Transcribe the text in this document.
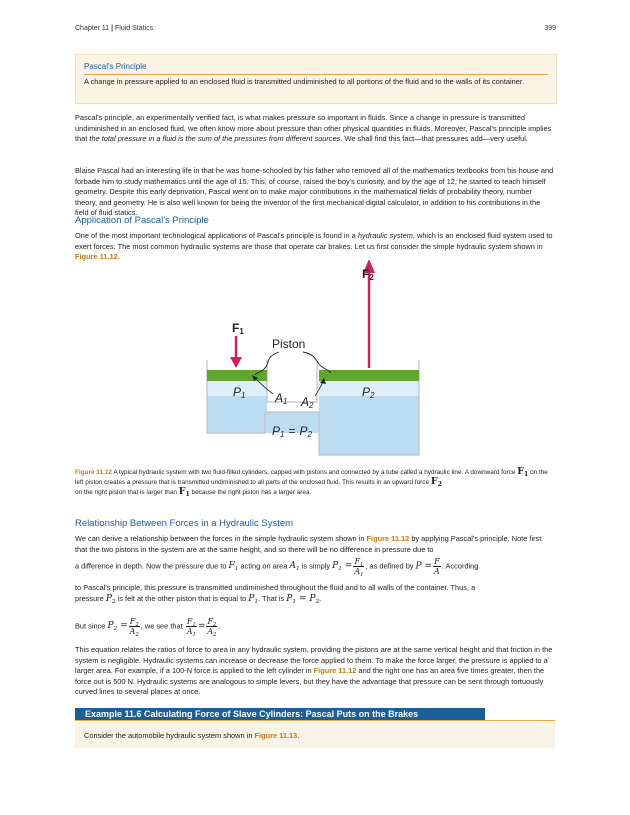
Chapter 11 | Fluid Statics	399
Pascal's Principle
A change in pressure applied to an enclosed fluid is transmitted undiminished to all portions of the fluid and to the walls of its container.
Pascal's principle, an experimentally verified fact, is what makes pressure so important in fluids. Since a change in pressure is transmitted undiminished in an enclosed fluid, we often know more about pressure than other physical quantities in fluids. Moreover, Pascal's principle implies that the total pressure in a fluid is the sum of the pressures from different sources. We shall find this fact—that pressures add—very useful.
Blaise Pascal had an interesting life in that he was home-schooled by his father who removed all of the mathematics textbooks from his house and forbade him to study mathematics until the age of 15. This, of course, raised the boy's curiosity, and by the age of 12, he started to teach himself geometry. Despite this early deprivation, Pascal went on to make major contributions in the mathematical fields of probability theory, number theory, and geometry. He is also well known for being the inventor of the first mechanical digital calculator, in addition to his contributions in the field of fluid statics.
Application of Pascal's Principle
One of the most important technological applications of Pascal's principle is found in a hydraulic system, which is an enclosed fluid system used to exert forces. The most common hydraulic systems are those that operate car brakes. Let us first consider the simple hydraulic system shown in Figure 11.12.
F1
F2
Piston
P1	P2
A1 A2
P1 = P2
Figure 11.12 A typical hydraulic system with two fluid-filled cylinders, capped with pistons and connected by a tube called a hydraulic line. A downward force $F_1$ on the left piston creates a pressure that is transmitted undiminished to all parts of the enclosed fluid. This results in an upward force $F_2$
on the right piston that is larger than $F_1$ because the right piston has a larger area.
Relationship Between Forces in a Hydraulic System
We can derive a relationship between the forces in the simple hydraulic system shown in Figure 11.12 by applying Pascal's principle. Note first that the two pistons in the system are at the same height, and so there will be no difference in pressure due to
a difference in depth. Now the pressure due to $F_1$ acting on area $A_1$ is simply $P_1 = \frac{F_1}{A_1}$ , as defined by $P = \frac{F}{A}$ . According
to Pascal's principle, this pressure is transmitted undiminished throughout the fluid and to all walls of the container. Thus, a
pressure $P_2$ is felt at the other piston that is equal to $P_1$. That is $P_1 = P_2$.
But since $P_2 = \frac{F_2}{A_2}$ , we see that $\frac{F_1}{A_1} = \frac{F_2}{A_2}$ .
This equation relates the ratios of force to area in any hydraulic system, providing the pistons are at the same vertical height and that friction in the system is negligible. Hydraulic systems can increase or decrease the force applied to them. To make the force larger, the pressure is applied to a larger area. For example, if a 100-N force is applied to the left cylinder in Figure 11.12 and the right one has an area five times greater, then the force out is 500 N. Hydraulic systems are analogous to simple levers, but they have the advantage that pressure can be sent through tortuously curved lines to several places at once.
Example 11.6 Calculating Force of Slave Cylinders: Pascal Puts on the Brakes
Consider the automobile hydraulic system shown in Figure 11.13.
